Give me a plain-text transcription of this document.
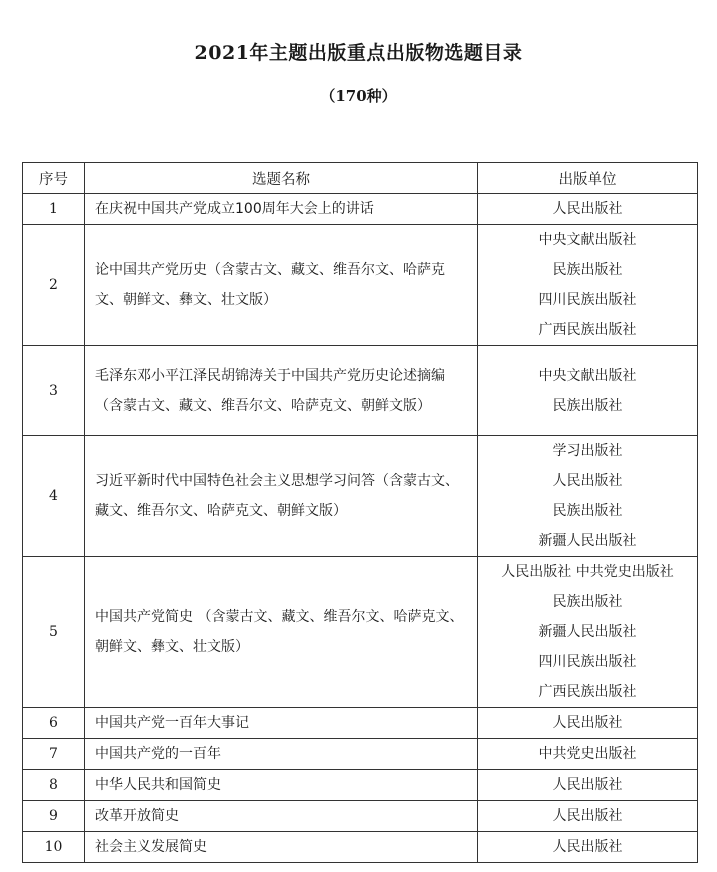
2021年主题出版重点出版物选题目录
（170种）
序号	选题名称	出版单位
1	在庆祝中国共产党成立100周年大会上的讲话	人民出版社

2	论中国共产党历史（含蒙古文、藏文、维吾尔文、哈萨克文、朝鲜文、彝文、壮文版）	中央文献出版社
民族出版社
四川民族出版社
广西民族出版社

3	毛泽东邓小平江泽民胡锦涛关于中国共产党历史论述摘编（含蒙古文、藏文、维吾尔文、哈萨克文、朝鲜文版）	中央文献出版社
民族出版社

4	习近平新时代中国特色社会主义思想学习问答（含蒙古文、藏文、维吾尔文、哈萨克文、朝鲜文版）	学习出版社
人民出版社
民族出版社
新疆人民出版社

5	中国共产党简史 （含蒙古文、藏文、维吾尔文、哈萨克文、朝鲜文、彝文、壮文版）	人民出版社 中共党史出版社
民族出版社
新疆人民出版社
四川民族出版社
广西民族出版社

6	中国共产党一百年大事记	人民出版社

7	中国共产党的一百年	中共党史出版社

8	中华人民共和国简史	人民出版社

9	改革开放简史	人民出版社

10	社会主义发展简史	人民出版社
